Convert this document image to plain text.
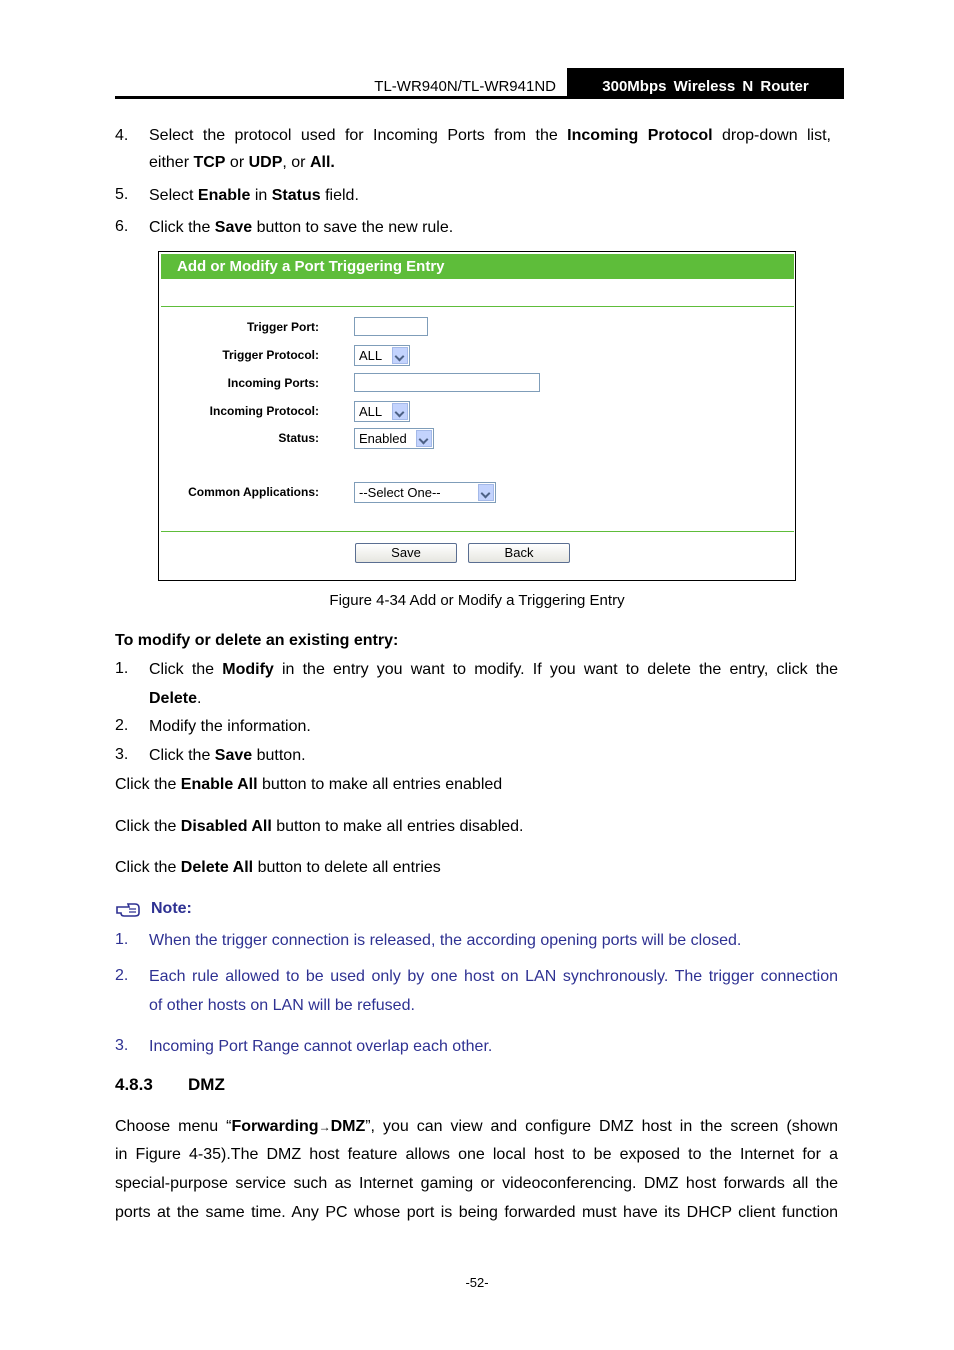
TL-WR940N/TL-WR941ND	300Mbps Wireless N Router
4. Select the protocol used for Incoming Ports from the Incoming Protocol drop-down list,
either TCP or UDP, or All.
5. Select Enable in Status field.
6. Click the Save button to save the new rule.
Add or Modify a Port Triggering Entry
Trigger Port:
Trigger Protocol:	ALL
Incoming Ports:
Incoming Protocol:	ALL
Status:	Enabled
Common Applications:	--Select One--
Save	Back
Figure 4-34 Add or Modify a Triggering Entry
To modify or delete an existing entry:
1. Click the Modify in the entry you want to modify. If you want to delete the entry, click the
Delete.
2. Modify the information.
3. Click the Save button.
Click the Enable All button to make all entries enabled
Click the Disabled All button to make all entries disabled.
Click the Delete All button to delete all entries
Note:
1. When the trigger connection is released, the according opening ports will be closed.
2. Each rule allowed to be used only by one host on LAN synchronously. The trigger connection
of other hosts on LAN will be refused.
3. Incoming Port Range cannot overlap each other.
4.8.3 DMZ
Choose menu “Forwarding→DMZ”, you can view and configure DMZ host in the screen (shown
in Figure 4-35).The DMZ host feature allows one local host to be exposed to the Internet for a
special-purpose service such as Internet gaming or videoconferencing. DMZ host forwards all the
ports at the same time. Any PC whose port is being forwarded must have its DHCP client function
-52-
